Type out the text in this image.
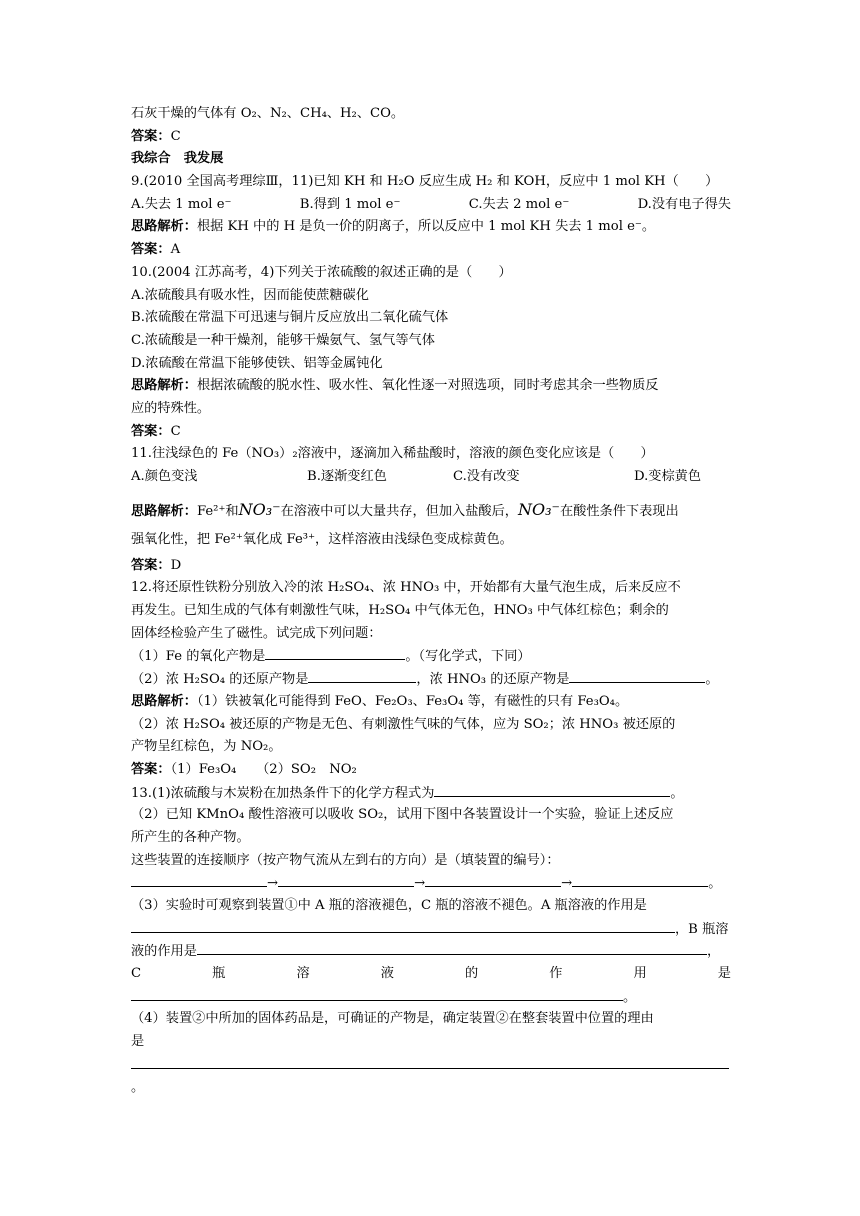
石灰干燥的气体有 O₂、N₂、CH₄、H₂、CO。
答案：C
我综合　我发展
9.(2010 全国高考理综Ⅲ，11)已知 KH 和 H₂O 反应生成 H₂ 和 KOH，反应中 1 mol KH（　　）
A.失去 1 mol e⁻	B.得到 1 mol e⁻	C.失去 2 mol e⁻	D.没有电子得失
思路解析：根据 KH 中的 H 是负一价的阴离子，所以反应中 1 mol KH 失去 1 mol e⁻。
答案：A
10.(2004 江苏高考，4)下列关于浓硫酸的叙述正确的是（　　）
A.浓硫酸具有吸水性，因而能使蔗糖碳化
B.浓硫酸在常温下可迅速与铜片反应放出二氧化硫气体
C.浓硫酸是一种干燥剂，能够干燥氨气、氢气等气体
D.浓硫酸在常温下能够使铁、铝等金属钝化
思路解析：根据浓硫酸的脱水性、吸水性、氧化性逐一对照选项，同时考虑其余一些物质反
应的特殊性。
答案：C
11.往浅绿色的 Fe（NO₃）₂溶液中，逐滴加入稀盐酸时，溶液的颜色变化应该是（　　）
A.颜色变浅	B.逐渐变红色	C.没有改变	D.变棕黄色
思路解析：Fe²⁺和NO₃⁻在溶液中可以大量共存，但加入盐酸后，NO₃⁻在酸性条件下表现出
强氧化性，把 Fe²⁺氧化成 Fe³⁺，这样溶液由浅绿色变成棕黄色。
答案：D
12.将还原性铁粉分别放入冷的浓 H₂SO₄、浓 HNO₃ 中，开始都有大量气泡生成，后来反应不
再发生。已知生成的气体有刺激性气味，H₂SO₄ 中气体无色，HNO₃ 中气体红棕色；剩余的
固体经检验产生了磁性。试完成下列问题：
（1）Fe 的氧化产物是	。（写化学式，下同）
（2）浓 H₂SO₄ 的还原产物是	，浓 HNO₃ 的还原产物是	。
思路解析：（1）铁被氧化可能得到 FeO、Fe₂O₃、Fe₃O₄ 等，有磁性的只有 Fe₃O₄。
（2）浓 H₂SO₄ 被还原的产物是无色、有刺激性气味的气体，应为 SO₂；浓 HNO₃ 被还原的
产物呈红棕色，为 NO₂。
答案：（1）Fe₃O₄　　（2）SO₂　NO₂
13.(1)浓硫酸与木炭粉在加热条件下的化学方程式为	。
（2）已知 KMnO₄ 酸性溶液可以吸收 SO₂，试用下图中各装置设计一个实验，验证上述反应
所产生的各种产物。
这些装置的连接顺序（按产物气流从左到右的方向）是（填装置的编号）：
→	→	→	。
（3）实验时可观察到装置①中 A 瓶的溶液褪色，C 瓶的溶液不褪色。A 瓶溶液的作用是
，B 瓶溶
液的作用是	，
C	瓶	溶	液	的	作	用	是
。
（4）装置②中所加的固体药品是，可确证的产物是，确定装置②在整套装置中位置的理由
是
。
